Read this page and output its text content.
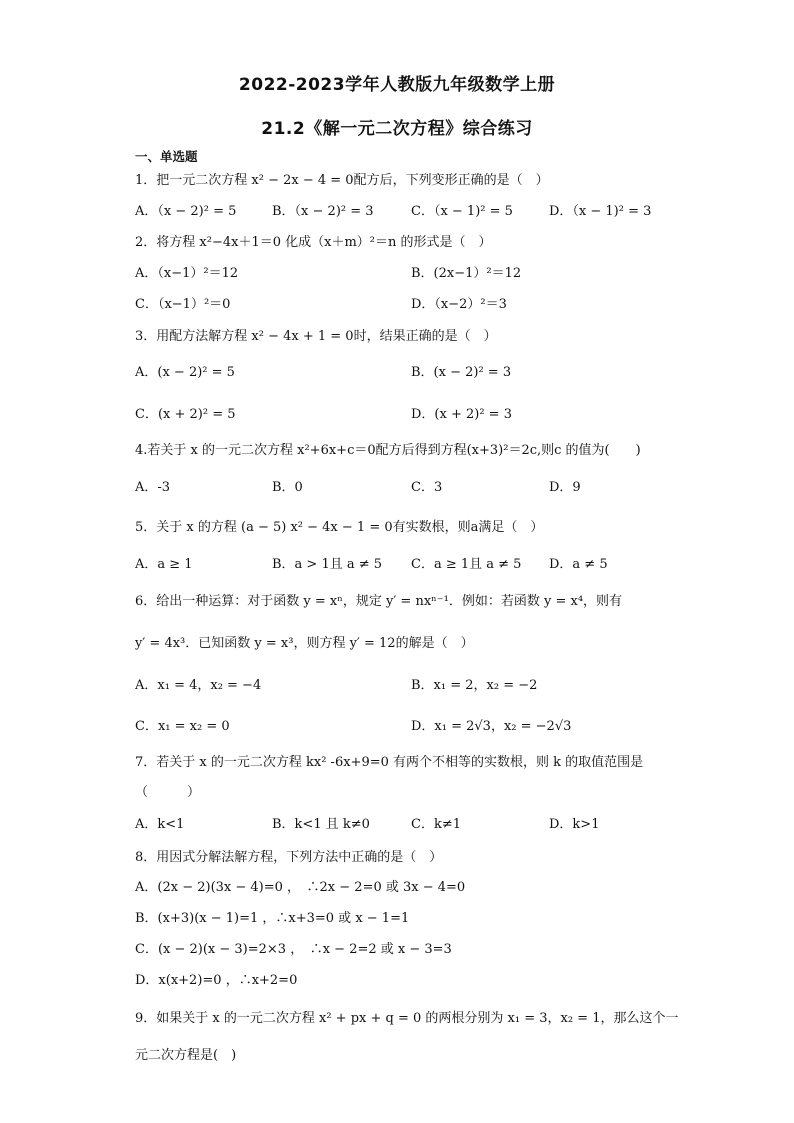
2022-2023学年人教版九年级数学上册
21.2《解一元二次方程》综合练习
一、单选题
1．把一元二次方程 x² − 2x − 4 = 0配方后，下列变形正确的是（　）
A．（x − 2)² = 5	B．（x − 2)² = 3	C．（x − 1)² = 5	D．（x − 1)² = 3
2．将方程 x²−4x＋1＝0 化成（x＋m）²＝n 的形式是（　）
A．（x−1）²＝12	B．(2x−1）²＝12
C．（x−1）²＝0	D．（x−2）²＝3
3．用配方法解方程 x² − 4x + 1 = 0时，结果正确的是（　）
A．(x − 2)² = 5	B．(x − 2)² = 3
C．(x + 2)² = 5	D．(x + 2)² = 3
4.若关于 x 的一元二次方程 x²+6x+c＝0配方后得到方程(x+3)²＝2c,则c 的值为(　　)
A．-3	B．0	C．3	D．9
5．关于 x 的方程 (a − 5) x² − 4x − 1 = 0有实数根，则a满足（　）
A．a ≥ 1	B．a > 1且 a ≠ 5 C．a ≥ 1且 a ≠ 5 D．a ≠ 5
6．给出一种运算：对于函数 y = xⁿ，规定 y′ = nxⁿ⁻¹．例如：若函数 y = x⁴，则有
y′ = 4x³．已知函数 y = x³，则方程 y′ = 12的解是（　）
A．x₁ = 4，x₂ = −4	B．x₁ = 2，x₂ = −2
C．x₁ = x₂ = 0	D．x₁ = 2√3，x₂ = −2√3
7．若关于 x 的一元二次方程 kx² -6x+9=0 有两个不相等的实数根，则 k 的取值范围是
（　　　）
A．k<1	B．k<1 且 k≠0	C．k≠1	D．k>1
8．用因式分解法解方程，下列方法中正确的是（　）
A．(2x − 2)(3x − 4)=0 ，　∴2x − 2=0 或 3x − 4=0
B．(x+3)(x − 1)=1 ，∴x+3=0 或 x − 1=1
C．(x − 2)(x − 3)=2×3 ，　∴x − 2=2 或 x − 3=3
D．x(x+2)=0 ，∴x+2=0
9．如果关于 x 的一元二次方程 x² + px + q = 0 的两根分别为 x₁ = 3，x₂ = 1，那么这个一
元二次方程是(　)
